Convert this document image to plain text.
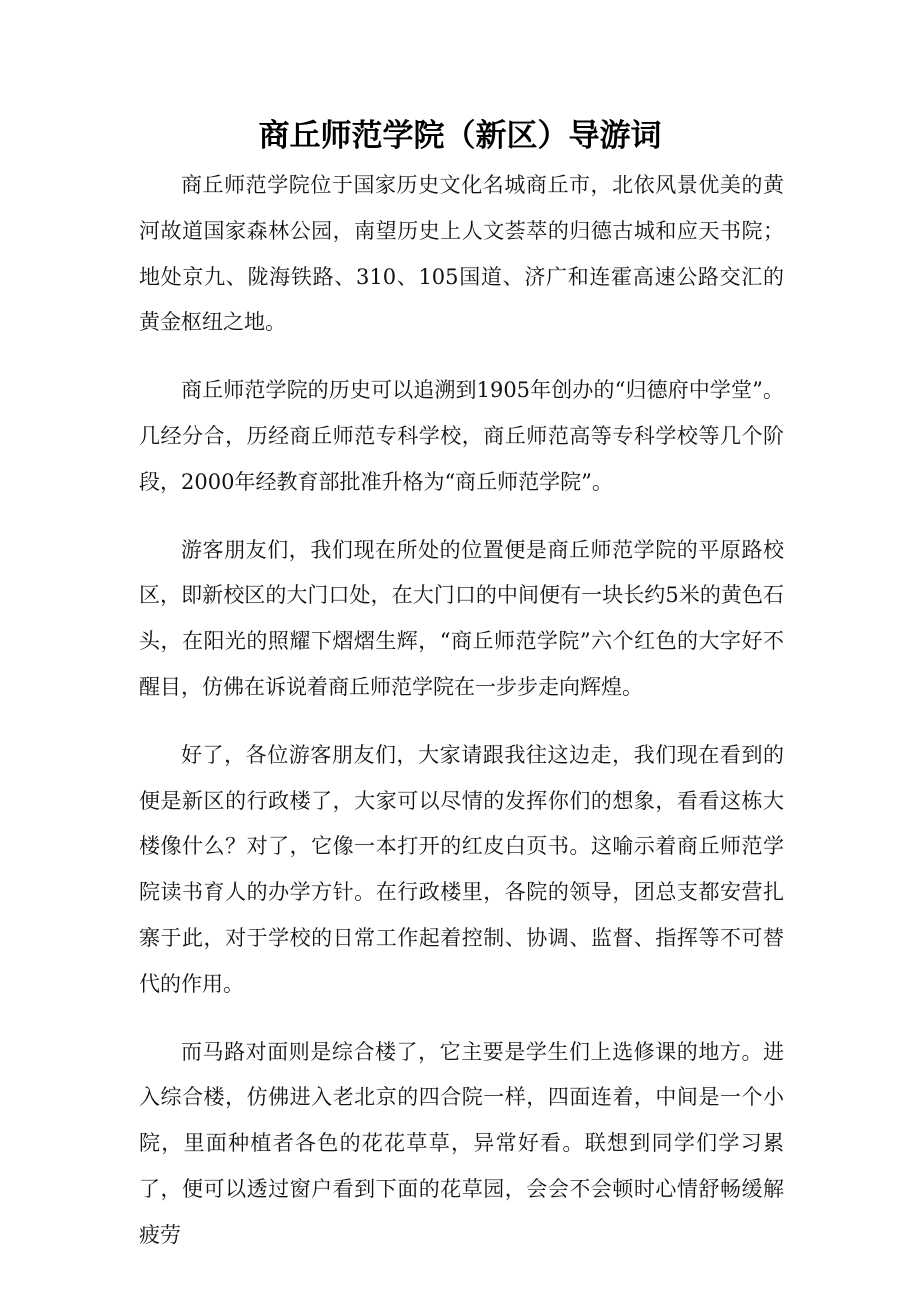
商丘师范学院（新区）导游词

商丘师范学院位于国家历史文化名城商丘市，北依风景优美的黄河故道国家森林公园，南望历史上人文荟萃的归德古城和应天书院；地处京九、陇海铁路、310、105国道、济广和连霍高速公路交汇的黄金枢纽之地。

商丘师范学院的历史可以追溯到1905年创办的“归德府中学堂”。几经分合，历经商丘师范专科学校，商丘师范高等专科学校等几个阶段，2000年经教育部批准升格为“商丘师范学院”。

游客朋友们，我们现在所处的位置便是商丘师范学院的平原路校区，即新校区的大门口处，在大门口的中间便有一块长约5米的黄色石头，在阳光的照耀下熠熠生辉，“商丘师范学院”六个红色的大字好不醒目，仿佛在诉说着商丘师范学院在一步步走向辉煌。

好了，各位游客朋友们，大家请跟我往这边走，我们现在看到的便是新区的行政楼了，大家可以尽情的发挥你们的想象，看看这栋大楼像什么？对了，它像一本打开的红皮白页书。这喻示着商丘师范学院读书育人的办学方针。在行政楼里，各院的领导，团总支都安营扎寨于此，对于学校的日常工作起着控制、协调、监督、指挥等不可替代的作用。

而马路对面则是综合楼了，它主要是学生们上选修课的地方。进入综合楼，仿佛进入老北京的四合院一样，四面连着，中间是一个小院，里面种植者各色的花花草草，异常好看。联想到同学们学习累了，便可以透过窗户看到下面的花草园，会会不会顿时心情舒畅缓解疲劳
